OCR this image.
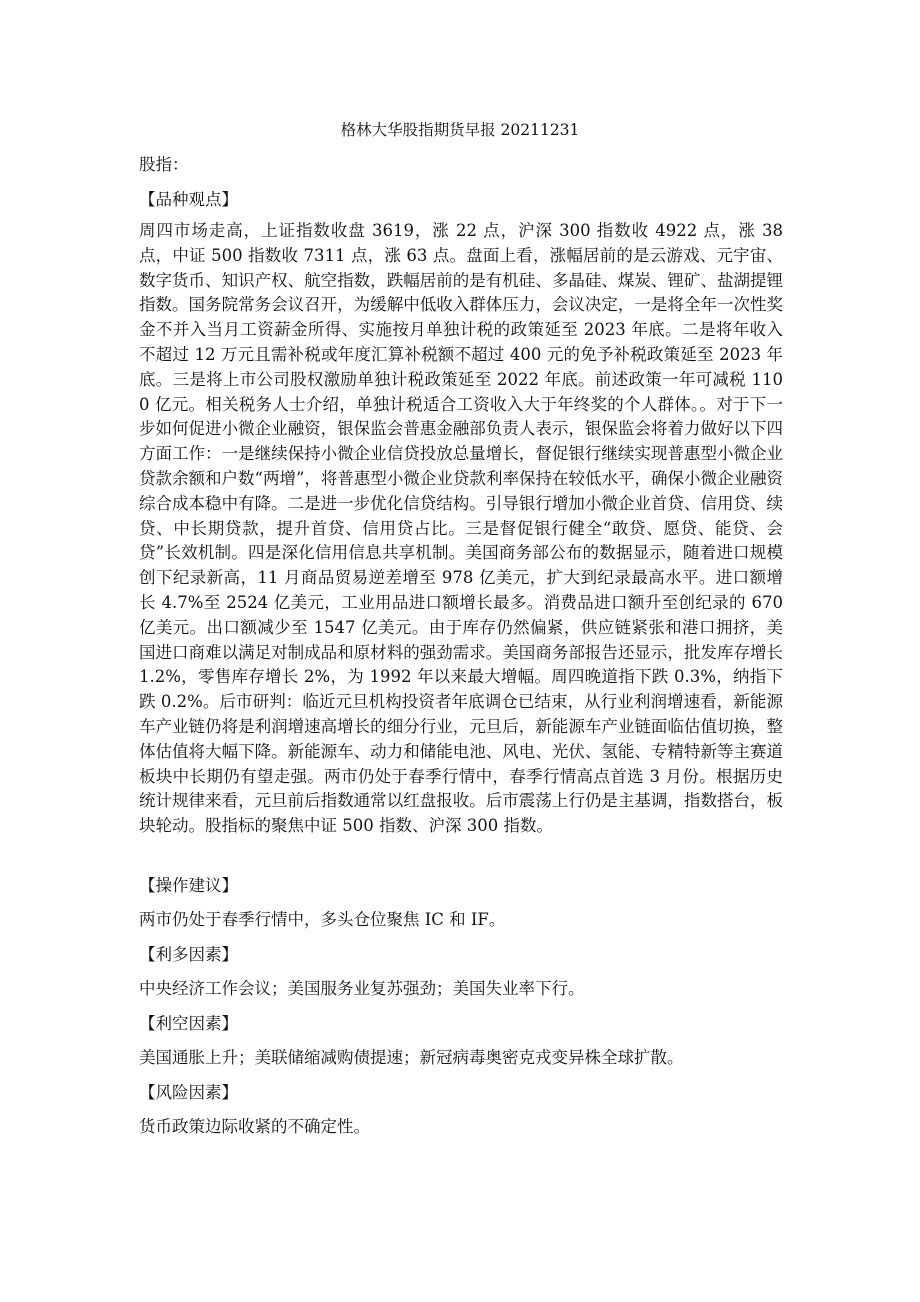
格林大华股指期货早报 20211231

股指：

【品种观点】

周四市场走高，上证指数收盘 3619，涨 22 点，沪深 300 指数收 4922 点，涨 38 点，中证 500 指数收 7311 点，涨 63 点。盘面上看，涨幅居前的是云游戏、元宇宙、数字货币、知识产权、航空指数，跌幅居前的是有机硅、多晶硅、煤炭、锂矿、盐湖提锂指数。国务院常务会议召开，为缓解中低收入群体压力，会议决定，一是将全年一次性奖金不并入当月工资薪金所得、实施按月单独计税的政策延至 2023 年底。二是将年收入不超过 12 万元且需补税或年度汇算补税额不超过 400 元的免予补税政策延至 2023 年底。三是将上市公司股权激励单独计税政策延至 2022 年底。前述政策一年可减税 1100 亿元。相关税务人士介绍，单独计税适合工资收入大于年终奖的个人群体。。对于下一步如何促进小微企业融资，银保监会普惠金融部负责人表示，银保监会将着力做好以下四方面工作：一是继续保持小微企业信贷投放总量增长，督促银行继续实现普惠型小微企业贷款余额和户数“两增”，将普惠型小微企业贷款利率保持在较低水平，确保小微企业融资综合成本稳中有降。二是进一步优化信贷结构。引导银行增加小微企业首贷、信用贷、续贷、中长期贷款，提升首贷、信用贷占比。三是督促银行健全“敢贷、愿贷、能贷、会贷”长效机制。四是深化信用信息共享机制。美国商务部公布的数据显示，随着进口规模创下纪录新高，11 月商品贸易逆差增至 978 亿美元，扩大到纪录最高水平。进口额增长 4.7%至 2524 亿美元，工业用品进口额增长最多。消费品进口额升至创纪录的 670 亿美元。出口额减少至 1547 亿美元。由于库存仍然偏紧，供应链紧张和港口拥挤，美国进口商难以满足对制成品和原材料的强劲需求。美国商务部报告还显示，批发库存增长 1.2%，零售库存增长 2%，为 1992 年以来最大增幅。周四晚道指下跌 0.3%，纳指下跌 0.2%。后市研判：临近元旦机构投资者年底调仓已结束，从行业利润增速看，新能源车产业链仍将是利润增速高增长的细分行业，元旦后，新能源车产业链面临估值切换，整体估值将大幅下降。新能源车、动力和储能电池、风电、光伏、氢能、专精特新等主赛道板块中长期仍有望走强。两市仍处于春季行情中，春季行情高点首选 3 月份。根据历史统计规律来看，元旦前后指数通常以红盘报收。后市震荡上行仍是主基调，指数搭台，板块轮动。股指标的聚焦中证 500 指数、沪深 300 指数。

【操作建议】

两市仍处于春季行情中，多头仓位聚焦 IC 和 IF。

【利多因素】

中央经济工作会议；美国服务业复苏强劲；美国失业率下行。

【利空因素】

美国通胀上升；美联储缩减购债提速；新冠病毒奥密克戎变异株全球扩散。

【风险因素】

货币政策边际收紧的不确定性。
